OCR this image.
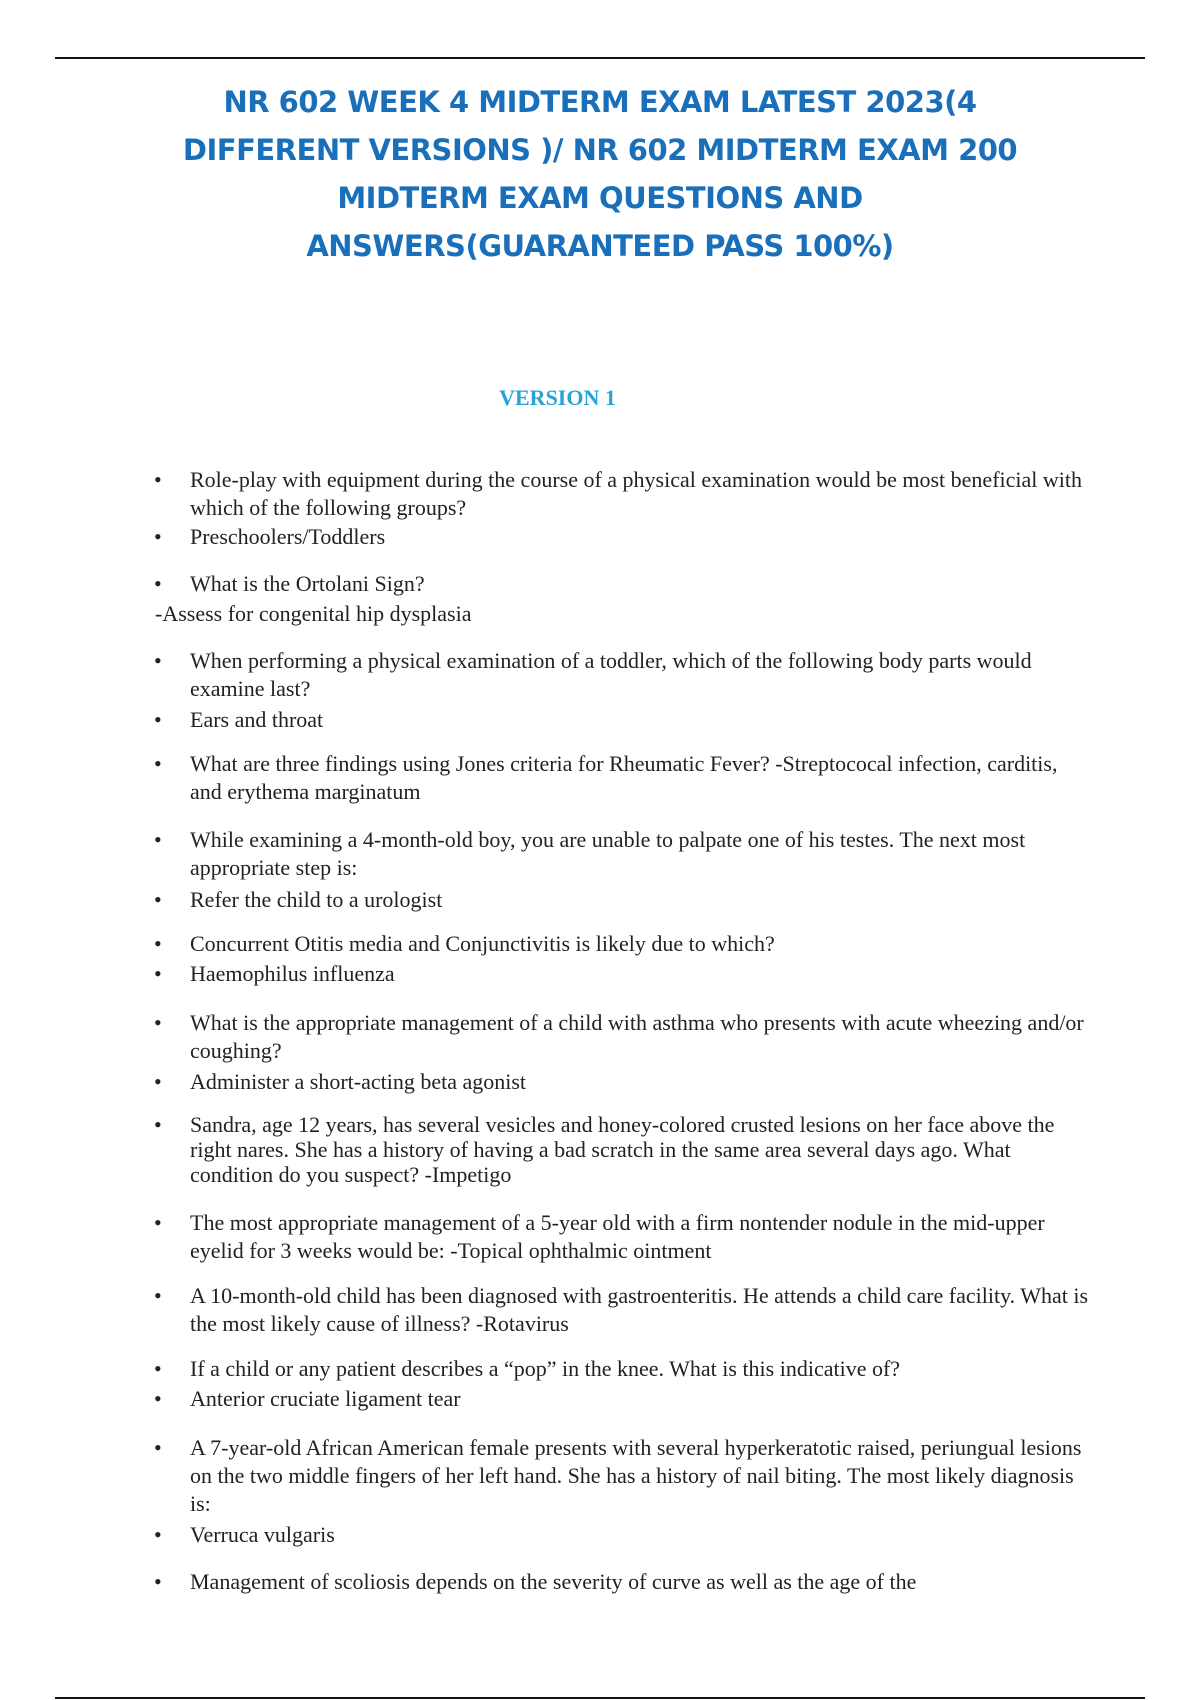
NR 602 WEEK 4 MIDTERM EXAM LATEST 2023(4
DIFFERENT VERSIONS )/ NR 602 MIDTERM EXAM 200
MIDTERM EXAM QUESTIONS AND
ANSWERS(GUARANTEED PASS 100%)
VERSION 1
• Role-play with equipment during the course of a physical examination would be most beneficial with which of the following groups?
• Preschoolers/Toddlers
• What is the Ortolani Sign?
-Assess for congenital hip dysplasia
• When performing a physical examination of a toddler, which of the following body parts would examine last?
• Ears and throat
• What are three findings using Jones criteria for Rheumatic Fever? -Streptococal infection, carditis, and erythema marginatum
• While examining a 4-month-old boy, you are unable to palpate one of his testes. The next most appropriate step is:
• Refer the child to a urologist
• Concurrent Otitis media and Conjunctivitis is likely due to which?
• Haemophilus influenza
• What is the appropriate management of a child with asthma who presents with acute wheezing and/or coughing?
• Administer a short-acting beta agonist
• Sandra, age 12 years, has several vesicles and honey-colored crusted lesions on her face above the right nares. She has a history of having a bad scratch in the same area several days ago. What condition do you suspect? -Impetigo
• The most appropriate management of a 5-year old with a firm nontender nodule in the mid-upper eyelid for 3 weeks would be: -Topical ophthalmic ointment
• A 10-month-old child has been diagnosed with gastroenteritis. He attends a child care facility. What is the most likely cause of illness? -Rotavirus
• If a child or any patient describes a “pop” in the knee. What is this indicative of?
• Anterior cruciate ligament tear
• A 7-year-old African American female presents with several hyperkeratotic raised, periungual lesions on the two middle fingers of her left hand. She has a history of nail biting. The most likely diagnosis is:
• Verruca vulgaris
• Management of scoliosis depends on the severity of curve as well as the age of the
